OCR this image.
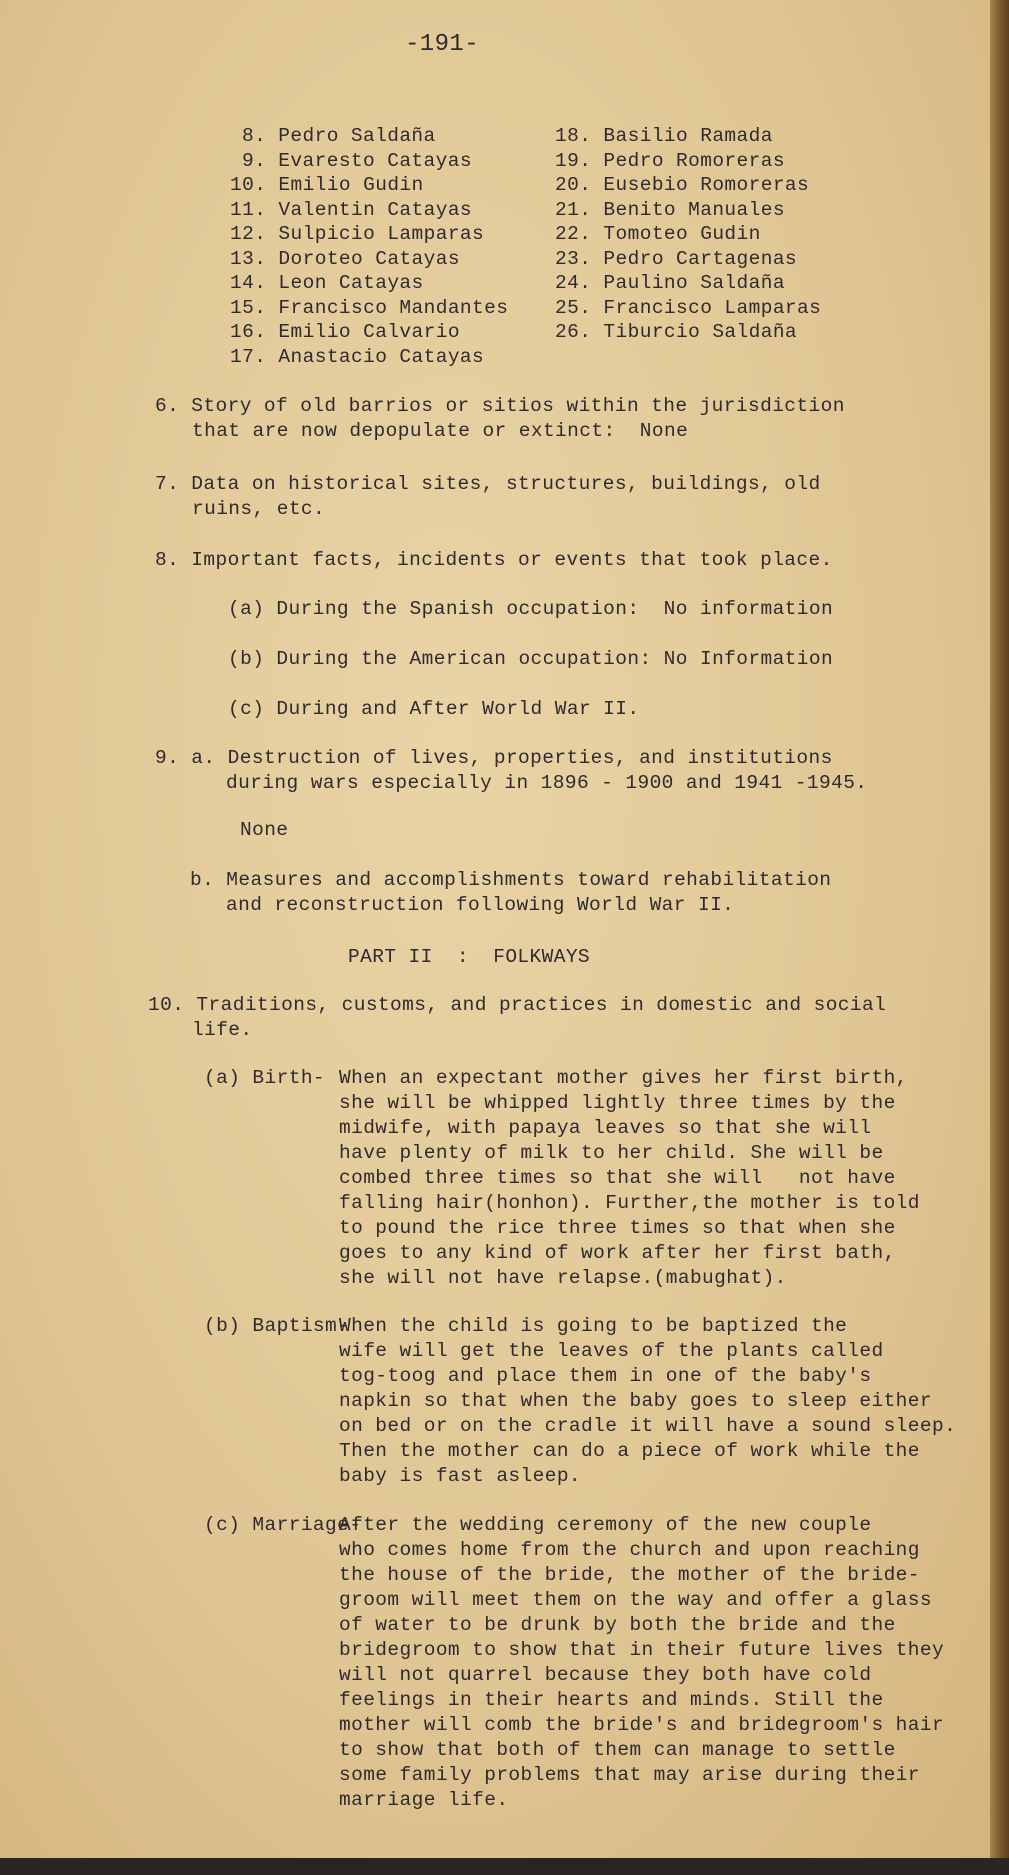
-191-
8. Pedro Saldaña
9. Evaresto Catayas
10. Emilio Gudin
11. Valentin Catayas
12. Sulpicio Lamparas
13. Doroteo Catayas
14. Leon Catayas
15. Francisco Mandantes
16. Emilio Calvario
17. Anastacio Catayas
18. Basilio Ramada
19. Pedro Romoreras
20. Eusebio Romoreras
21. Benito Manuales
22. Tomoteo Gudin
23. Pedro Cartagenas
24. Paulino Saldaña
25. Francisco Lamparas
26. Tiburcio Saldaña
6. Story of old barrios or sitios within the jurisdiction
that are now depopulate or extinct:  None
7. Data on historical sites, structures, buildings, old
ruins, etc.
8. Important facts, incidents or events that took place.
(a) During the Spanish occupation:  No information
(b) During the American occupation: No Information
(c) During and After World War II.
9. a. Destruction of lives, properties, and institutions
during wars especially in 1896 - 1900 and 1941 -1945.
None
b. Measures and accomplishments toward rehabilitation
and reconstruction following World War II.
PART II  :  FOLKWAYS
10. Traditions, customs, and practices in domestic and social
life.
(a) Birth- When an expectant mother gives her first birth,
she will be whipped lightly three times by the
midwife, with papaya leaves so that she will
have plenty of milk to her child. She will be
combed three times so that she will   not have
falling hair(honhon). Further,the mother is told
to pound the rice three times so that when she
goes to any kind of work after her first bath,
she will not have relapse.(mabughat).
(b) Baptism-
When the child is going to be baptized the
wife will get the leaves of the plants called
tog-toog and place them in one of the baby's
napkin so that when the baby goes to sleep either
on bed or on the cradle it will have a sound sleep.
Then the mother can do a piece of work while the
baby is fast asleep.
(c) Marriage-
After the wedding ceremony of the new couple
who comes home from the church and upon reaching
the house of the bride, the mother of the bride-
groom will meet them on the way and offer a glass
of water to be drunk by both the bride and the
bridegroom to show that in their future lives they
will not quarrel because they both have cold
feelings in their hearts and minds. Still the
mother will comb the bride's and bridegroom's hair
to show that both of them can manage to settle
some family problems that may arise during their
marriage life.
